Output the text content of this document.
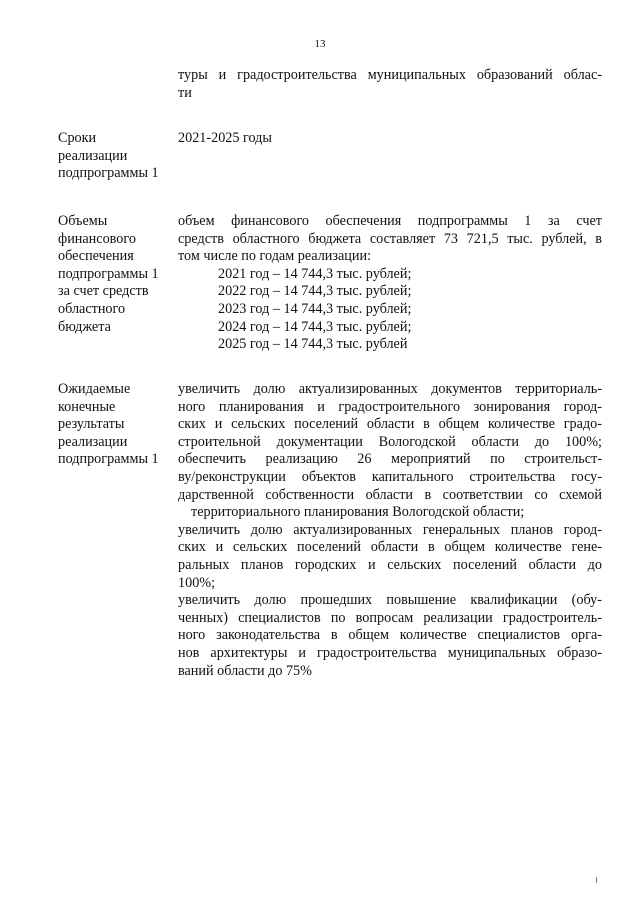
13
туры и градостроительства муниципальных образований облас-
ти
Сроки
реализации
подпрограммы 1
2021-2025 годы
Объемы
финансового
обеспечения
подпрограммы 1
за счет средств
областного
бюджета
объем финансового обеспечения подпрограммы 1 за счет
средств областного бюджета составляет 73 721,5 тыс. рублей, в
том числе по годам реализации:
2021 год – 14 744,3 тыс. рублей;
2022 год – 14 744,3 тыс. рублей;
2023 год – 14 744,3 тыс. рублей;
2024 год – 14 744,3 тыс. рублей;
2025 год – 14 744,3 тыс. рублей
Ожидаемые
конечные
результаты
реализации
подпрограммы 1
увеличить долю актуализированных документов территориаль-
ного планирования и градостроительного зонирования город-
ских и сельских поселений области в общем количестве градо-
строительной документации Вологодской области до 100%;
обеспечить реализацию 26 мероприятий по строительст-
ву/реконструкции объектов капитального строительства госу-
дарственной собственности области в соответствии со схемой
территориального планирования Вологодской области;
увеличить долю актуализированных генеральных планов город-
ских и сельских поселений области в общем количестве гене-
ральных планов городских и сельских поселений области до
100%;
увеличить долю прошедших повышение квалификации (обу-
ченных) специалистов по вопросам реализации градостроитель-
ного законодательства в общем количестве специалистов орга-
нов архитектуры и градостроительства муниципальных образо-
ваний области до 75%
